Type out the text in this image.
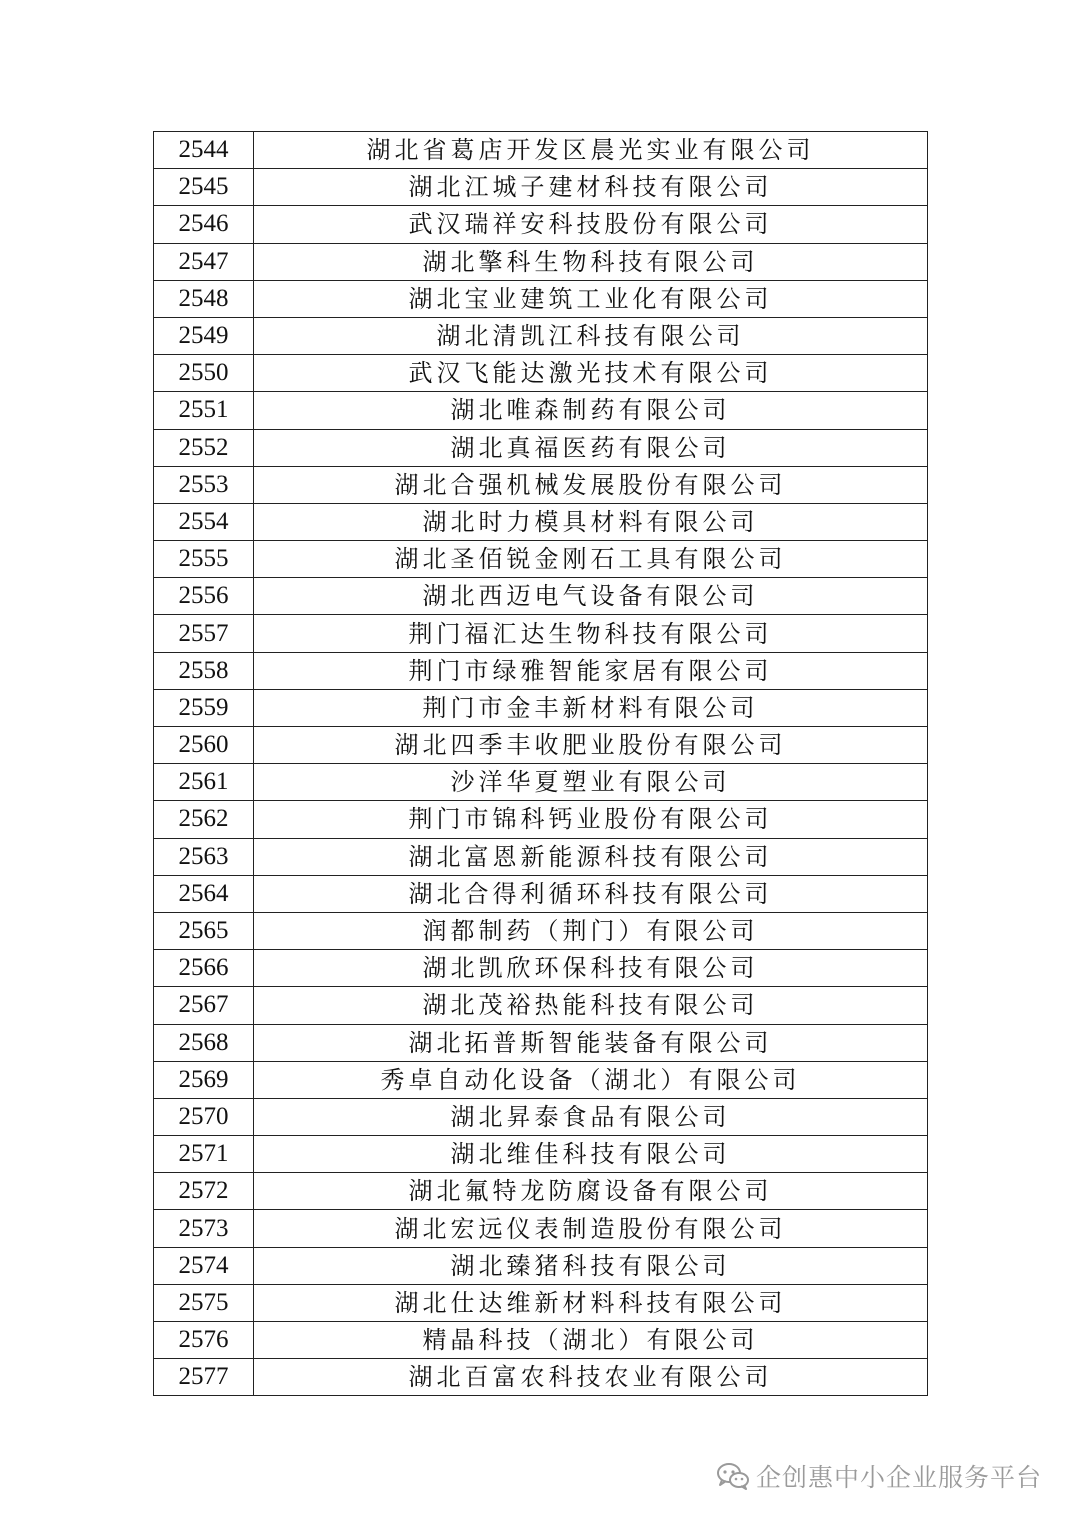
2544	湖北省葛店开发区晨光实业有限公司
2545	湖北江城子建材科技有限公司
2546	武汉瑞祥安科技股份有限公司
2547	湖北擎科生物科技有限公司
2548	湖北宝业建筑工业化有限公司
2549	湖北清凯江科技有限公司
2550	武汉飞能达激光技术有限公司
2551	湖北唯森制药有限公司
2552	湖北真福医药有限公司
2553	湖北合强机械发展股份有限公司
2554	湖北时力模具材料有限公司
2555	湖北圣佰锐金刚石工具有限公司
2556	湖北西迈电气设备有限公司
2557	荆门福汇达生物科技有限公司
2558	荆门市绿雅智能家居有限公司
2559	荆门市金丰新材料有限公司
2560	湖北四季丰收肥业股份有限公司
2561	沙洋华夏塑业有限公司
2562	荆门市锦科钙业股份有限公司
2563	湖北富恩新能源科技有限公司
2564	湖北合得利循环科技有限公司
2565	润都制药（荆门）有限公司
2566	湖北凯欣环保科技有限公司
2567	湖北茂裕热能科技有限公司
2568	湖北拓普斯智能装备有限公司
2569	秀卓自动化设备（湖北）有限公司
2570	湖北昇泰食品有限公司
2571	湖北维佳科技有限公司
2572	湖北氟特龙防腐设备有限公司
2573	湖北宏远仪表制造股份有限公司
2574	湖北臻猪科技有限公司
2575	湖北仕达维新材料科技有限公司
2576	精晶科技（湖北）有限公司
2577	湖北百富农科技农业有限公司
企创惠中小企业服务平台
